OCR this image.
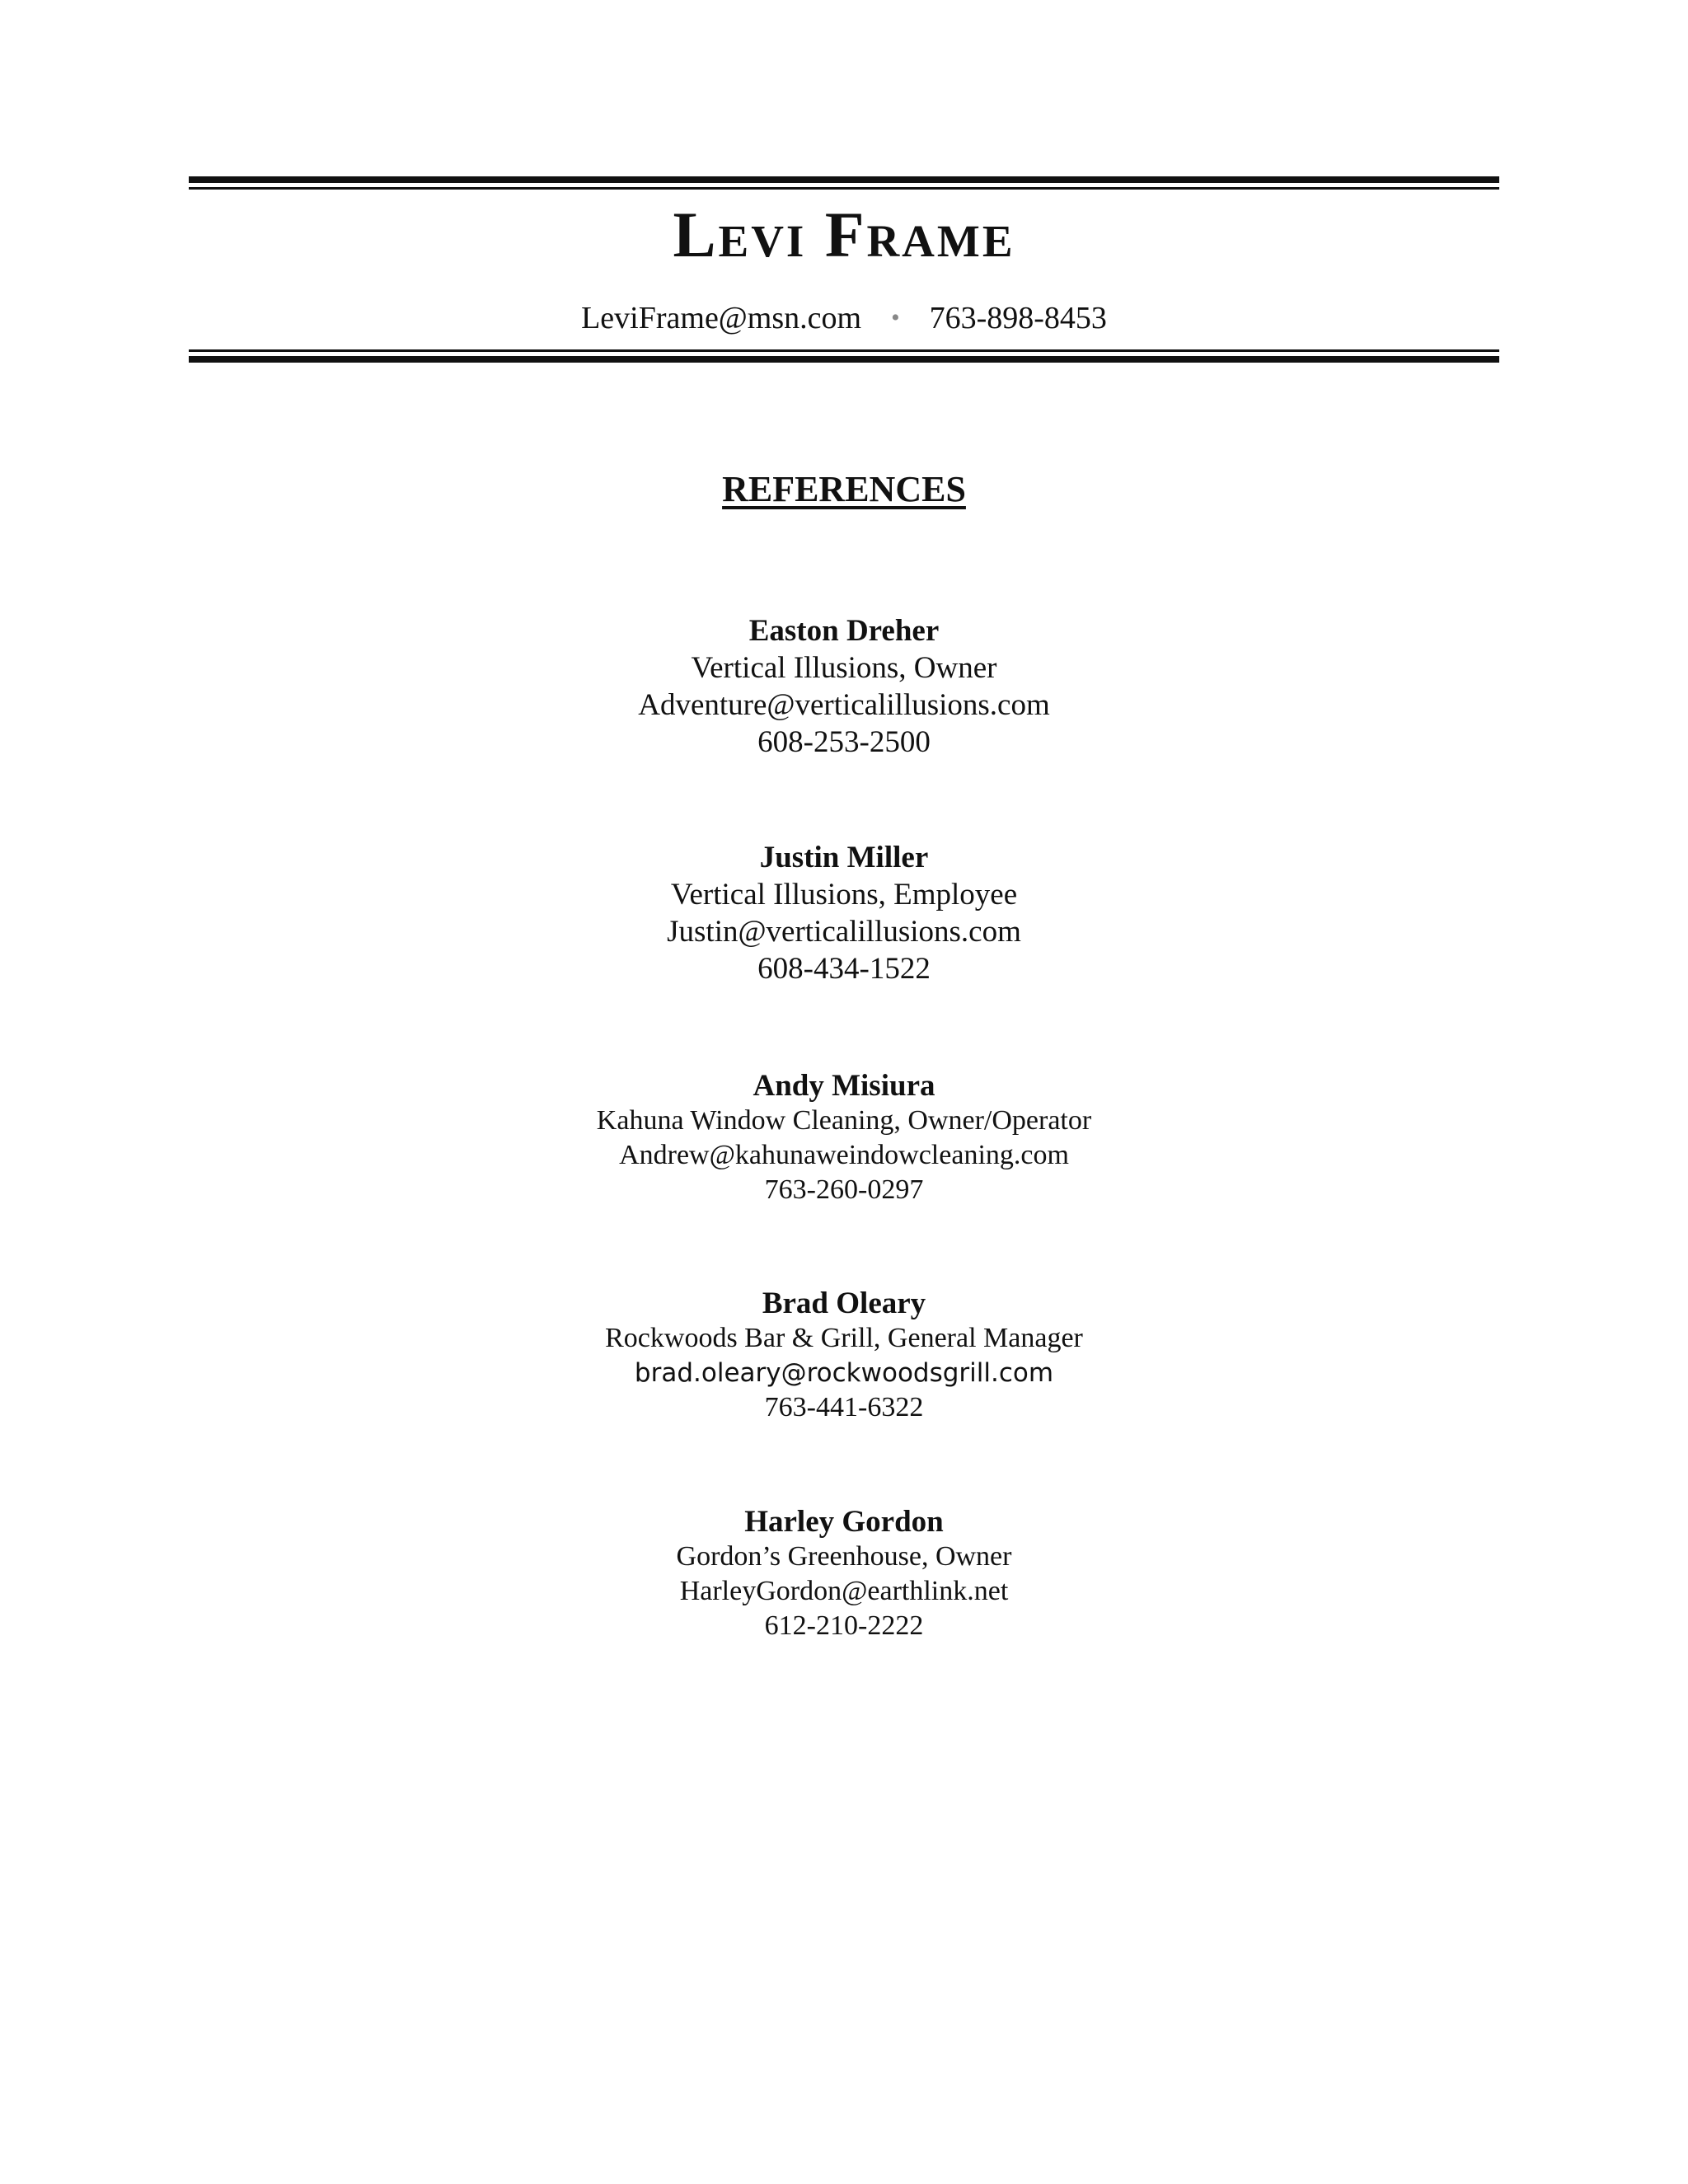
Levi Frame
LeviFrame@msn.com • 763-898-8453
REFERENCES
Easton Dreher
Vertical Illusions, Owner
Adventure@verticalillusions.com
608-253-2500
Justin Miller
Vertical Illusions, Employee
Justin@verticalillusions.com
608-434-1522
Andy Misiura
Kahuna Window Cleaning, Owner/Operator
Andrew@kahunaweindowcleaning.com
763-260-0297
Brad Oleary
Rockwoods Bar & Grill, General Manager
brad.oleary@rockwoodsgrill.com
763-441-6322
Harley Gordon
Gordon’s Greenhouse, Owner
HarleyGordon@earthlink.net
612-210-2222
